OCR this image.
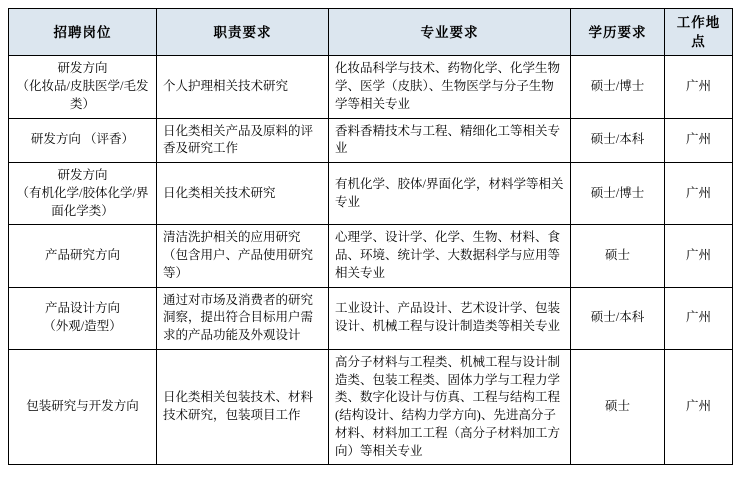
招聘岗位	职责要求	专业要求	学历要求	工作地点

研发方向
（化妆品/皮肤医学/毛发类）	个人护理相关技术研究	化妆品科学与技术、药物化学、化学生物学、医学（皮肤）、生物医学与分子生物学等相关专业	硕士/博士	广州
研发方向 （评香）	日化类相关产品及原料的评香及研究工作	香料香精技术与工程、精细化工等相关专业	硕士/本科	广州

研发方向
（有机化学/胶体化学/界面化学类）	日化类相关技术研究	有机化学、胶体/界面化学，材料学等相关专业	硕士/博士	广州
产品研究方向	清洁洗护相关的应用研究（包含用户、产品使用研究等）	心理学、设计学、化学、生物、材料、食品、环境、统计学、大数据科学与应用等相关专业	硕士	广州

产品设计方向
（外观/造型）	通过对市场及消费者的研究洞察，提出符合目标用户需求的产品功能及外观设计	工业设计、产品设计、艺术设计学、包装设计、机械工程与设计制造类等相关专业	硕士/本科	广州
包装研究与开发方向	日化类相关包装技术、材料技术研究，包装项目工作	高分子材料与工程类、机械工程与设计制造类、包装工程类、固体力学与工程力学类、数字化设计与仿真、工程与结构工程(结构设计、结构力学方向)、先进高分子材料、材料加工工程（高分子材料加工方向）等相关专业	硕士	广州
